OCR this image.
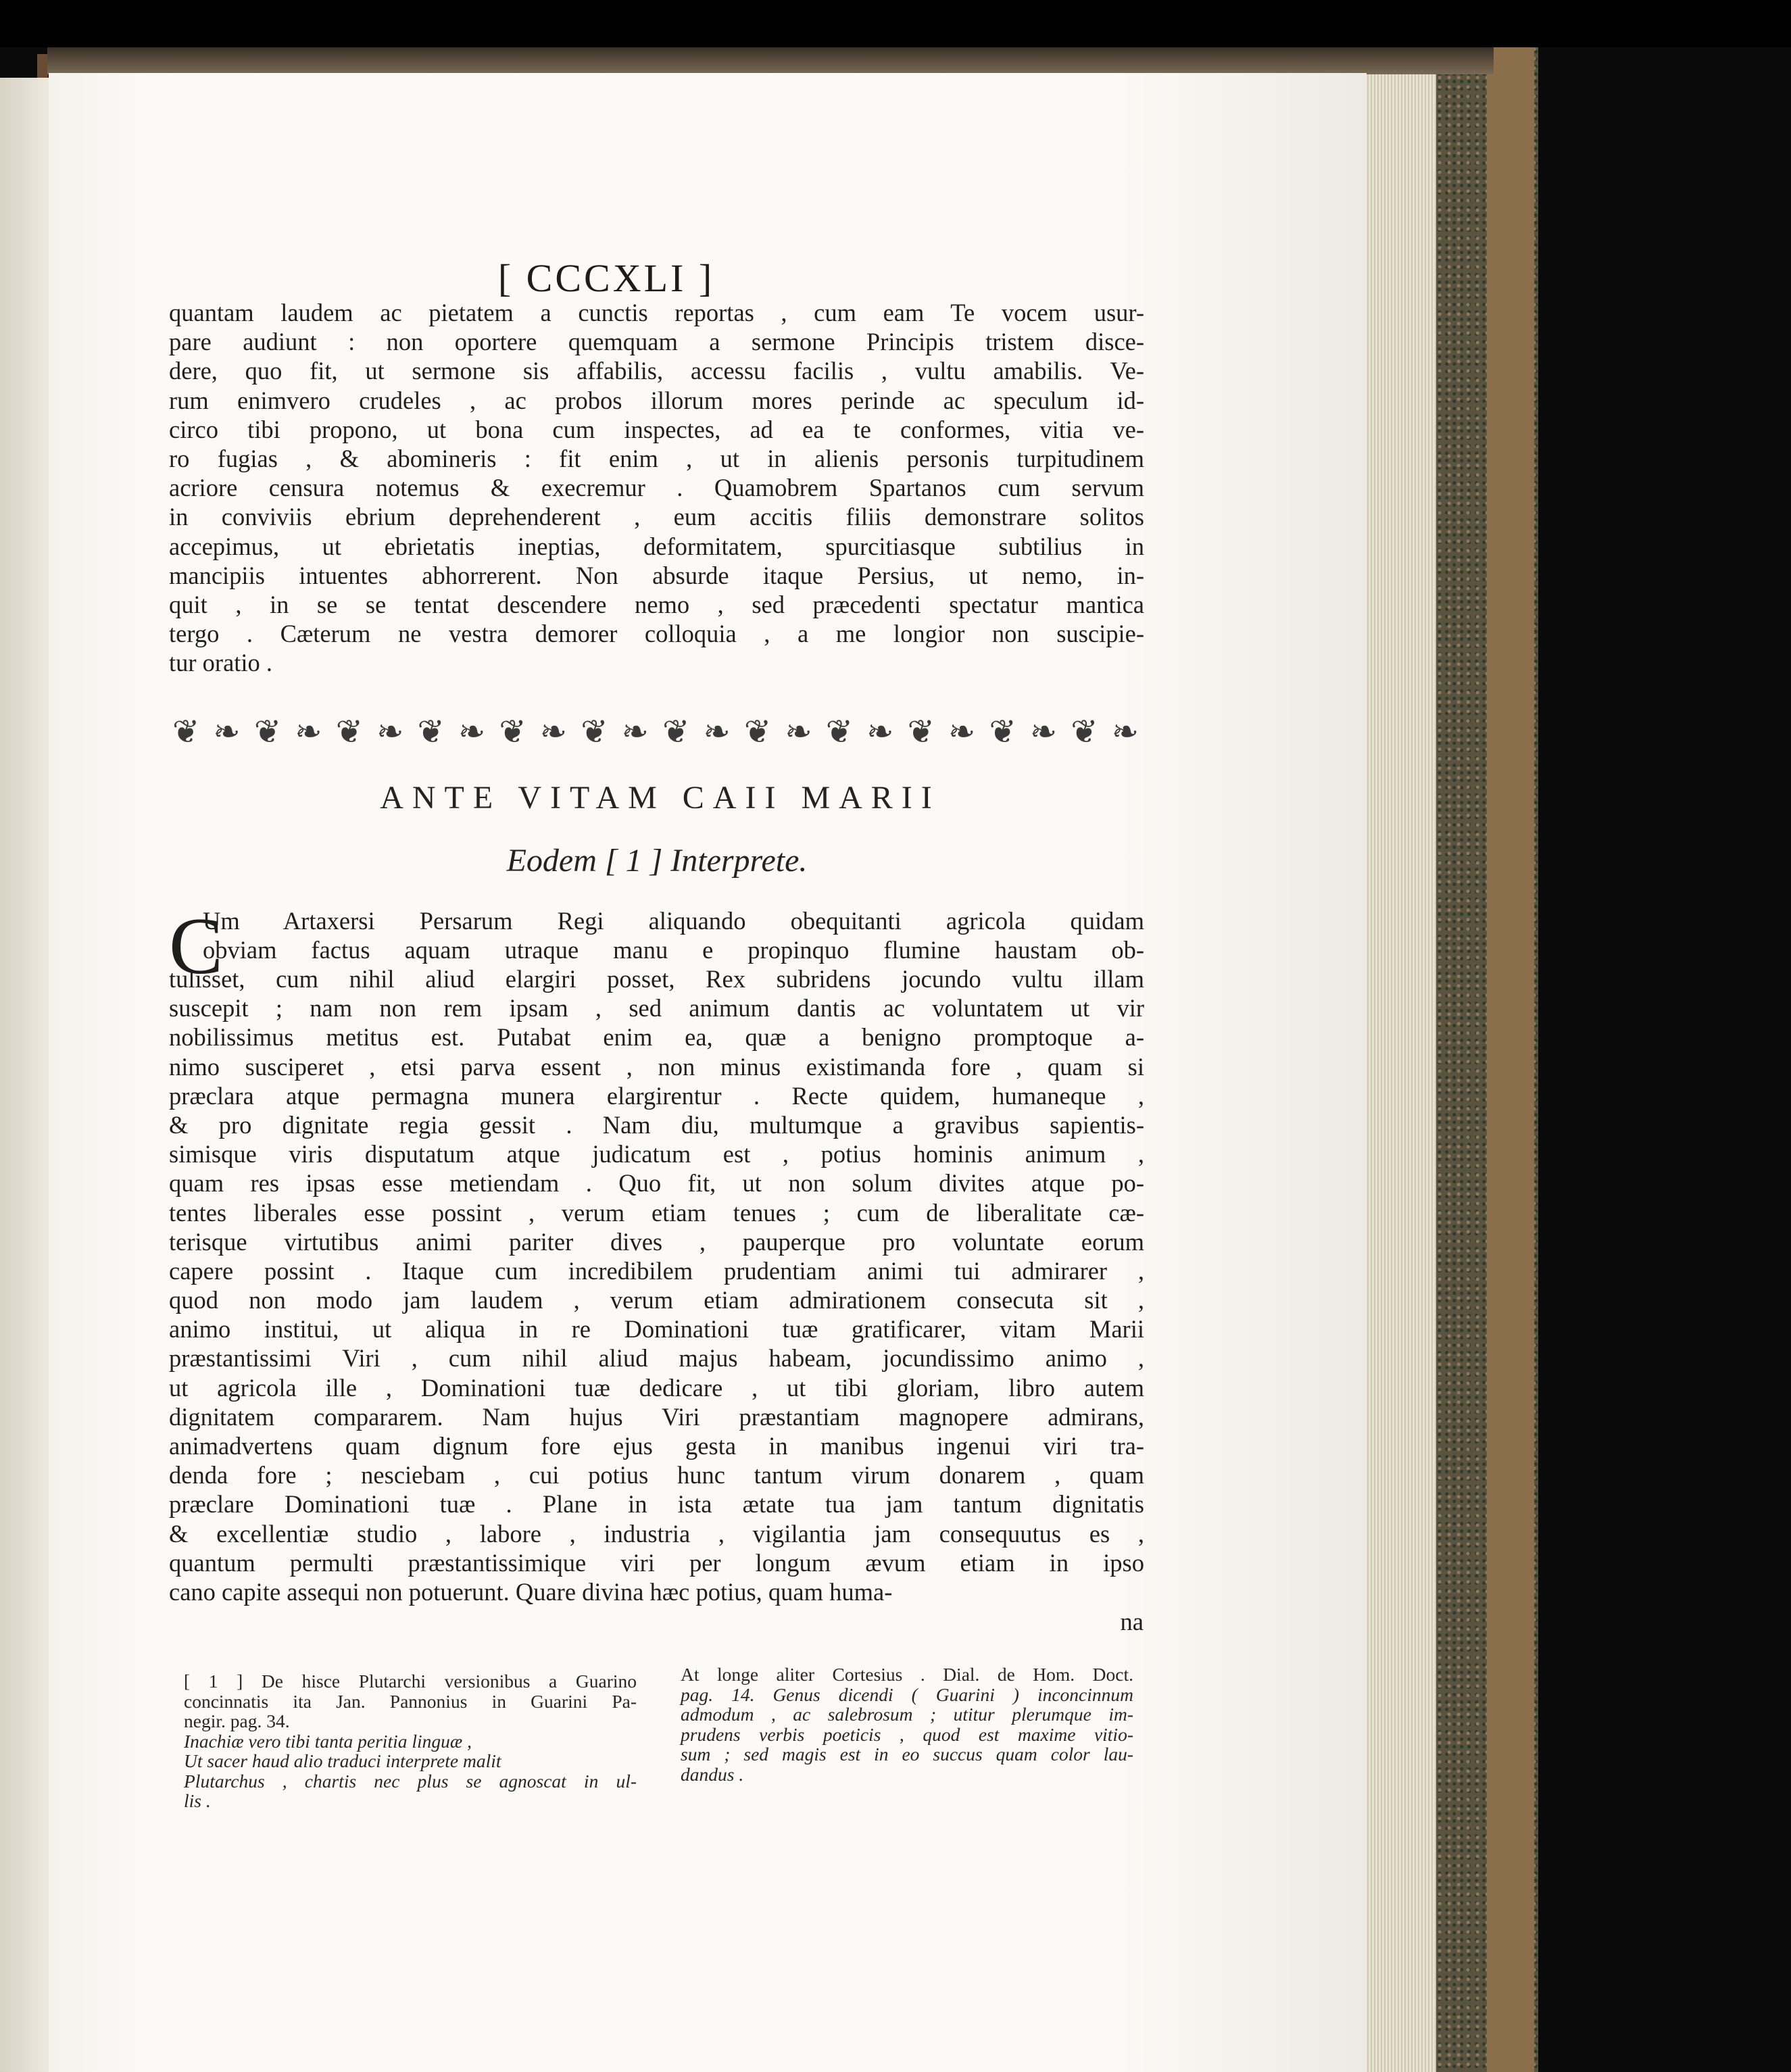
[ CCCXLI ]
quantam laudem ac pietatem a cunctis reportas , cum eam Te vocem usur-
pare audiunt : non oportere quemquam a sermone Principis tristem disce-
dere, quo fit, ut sermone sis affabilis, accessu facilis , vultu amabilis. Ve-
rum enimvero crudeles , ac probos illorum mores perinde ac speculum id-
circo tibi propono, ut bona cum inspectes, ad ea te conformes, vitia ve-
ro fugias , & abomineris : fit enim , ut in alienis personis turpitudinem
acriore censura notemus & execremur . Quamobrem Spartanos cum servum
in conviviis ebrium deprehenderent , eum accitis filiis demonstrare solitos
accepimus, ut ebrietatis ineptias, deformitatem, spurcitiasque subtilius in
mancipiis intuentes abhorrerent. Non absurde itaque Persius, ut nemo, in-
quit , in se se tentat descendere nemo , sed præcedenti spectatur mantica
tergo . Cæterum ne vestra demorer colloquia , a me longior non suscipie-
tur oratio .
❦ ❧ ❦ ❧ ❦ ❧ ❦ ❧ ❦ ❧ ❦ ❧ ❦ ❧ ❦ ❧ ❦ ❧ ❦ ❧ ❦ ❧ ❦ ❧
ANTE VITAM CAII MARII
Eodem [ 1 ] Interprete.
C
Um Artaxersi Persarum Regi aliquando obequitanti agricola quidam
obviam factus aquam utraque manu e propinquo flumine haustam ob-
tulisset, cum nihil aliud elargiri posset, Rex subridens jocundo vultu illam
suscepit ; nam non rem ipsam , sed animum dantis ac voluntatem ut vir
nobilissimus metitus est. Putabat enim ea, quæ a benigno promptoque a-
nimo susciperet , etsi parva essent , non minus existimanda fore , quam si
præclara atque permagna munera elargirentur . Recte quidem, humaneque ,
& pro dignitate regia gessit . Nam diu, multumque a gravibus sapientis-
simisque viris disputatum atque judicatum est , potius hominis animum ,
quam res ipsas esse metiendam . Quo fit, ut non solum divites atque po-
tentes liberales esse possint , verum etiam tenues ; cum de liberalitate cæ-
terisque virtutibus animi pariter dives , pauperque pro voluntate eorum
capere possint . Itaque cum incredibilem prudentiam animi tui admirarer ,
quod non modo jam laudem , verum etiam admirationem consecuta sit ,
animo institui, ut aliqua in re Dominationi tuæ gratificarer, vitam Marii
præstantissimi Viri , cum nihil aliud majus habeam, jocundissimo animo ,
ut agricola ille , Dominationi tuæ dedicare , ut tibi gloriam, libro autem
dignitatem compararem. Nam hujus Viri præstantiam magnopere admirans,
animadvertens quam dignum fore ejus gesta in manibus ingenui viri tra-
denda fore ; nesciebam , cui potius hunc tantum virum donarem , quam
præclare Dominationi tuæ . Plane in ista ætate tua jam tantum dignitatis
& excellentiæ studio , labore , industria , vigilantia jam consequutus es ,
quantum permulti præstantissimique viri per longum ævum etiam in ipso
cano capite assequi non potuerunt. Quare divina hæc potius, quam huma-
na
[ 1 ] De hisce Plutarchi versionibus a Guarino
concinnatis ita Jan. Pannonius in Guarini Pa-
negir. pag. 34.
Inachiæ vero tibi tanta peritia linguæ ,
Ut sacer haud alio traduci interprete malit
Plutarchus , chartis nec plus se agnoscat in ul-
lis .
At longe aliter Cortesius . Dial. de Hom. Doct.
pag. 14. Genus dicendi ( Guarini ) inconcinnum
admodum , ac salebrosum ; utitur plerumque im-
prudens verbis poeticis , quod est maxime vitio-
sum ; sed magis est in eo succus quam color lau-
dandus .
